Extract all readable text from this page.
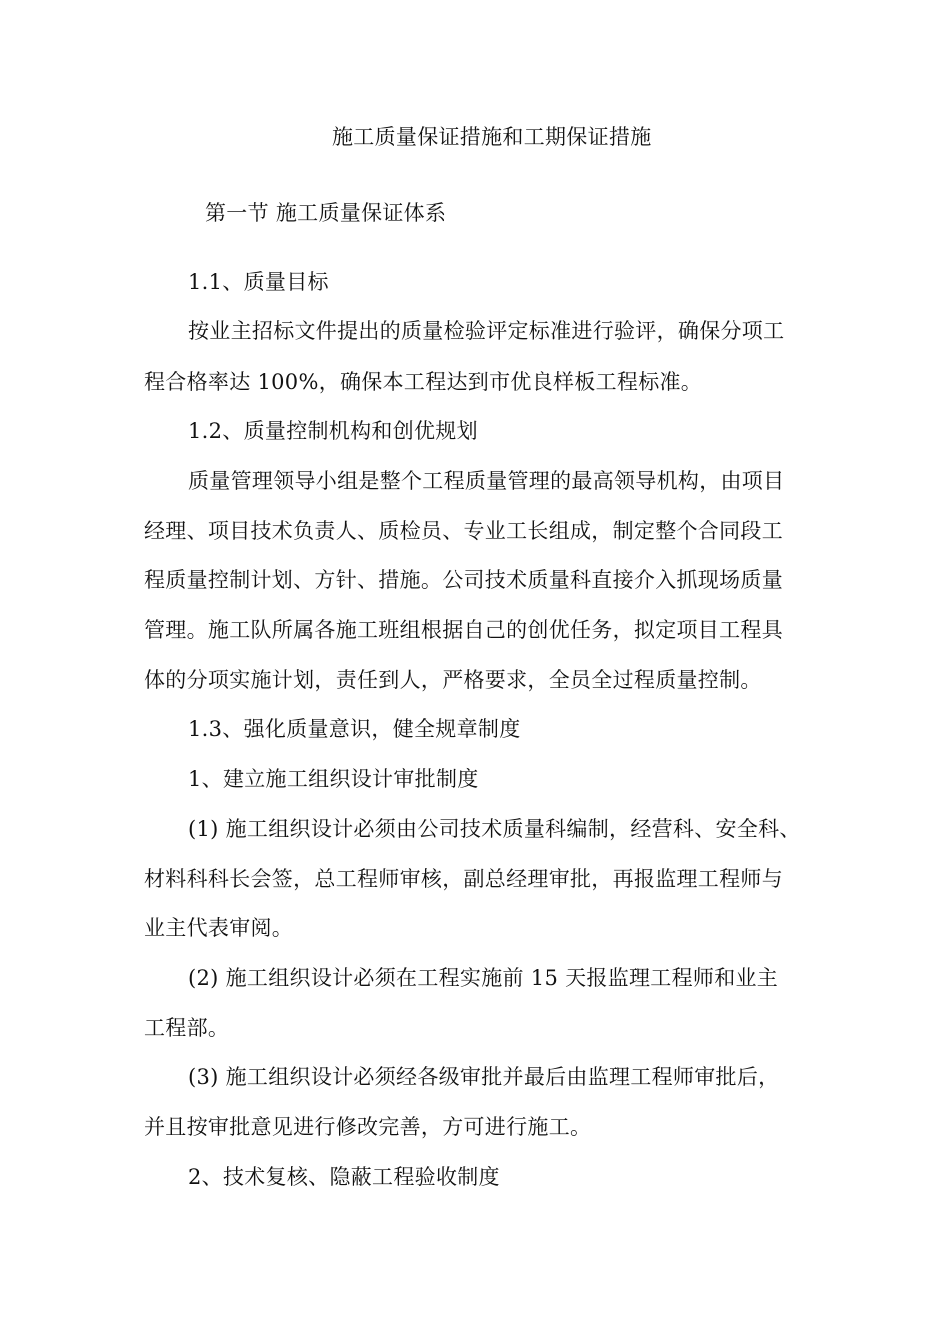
施工质量保证措施和工期保证措施
第一节 施工质量保证体系
1.1、质量目标
按业主招标文件提出的质量检验评定标准进行验评，确保分项工
程合格率达 100%，确保本工程达到市优良样板工程标准。
1.2、质量控制机构和创优规划
质量管理领导小组是整个工程质量管理的最高领导机构，由项目
经理、项目技术负责人、质检员、专业工长组成，制定整个合同段工
程质量控制计划、方针、措施。公司技术质量科直接介入抓现场质量
管理。施工队所属各施工班组根据自己的创优任务，拟定项目工程具
体的分项实施计划，责任到人，严格要求，全员全过程质量控制。
1.3、强化质量意识，健全规章制度
1、建立施工组织设计审批制度
(1) 施工组织设计必须由公司技术质量科编制，经营科、安全科、
材料科科长会签，总工程师审核，副总经理审批，再报监理工程师与
业主代表审阅。
(2) 施工组织设计必须在工程实施前 15 天报监理工程师和业主
工程部。
(3) 施工组织设计必须经各级审批并最后由监理工程师审批后，
并且按审批意见进行修改完善，方可进行施工。
2、技术复核、隐蔽工程验收制度
